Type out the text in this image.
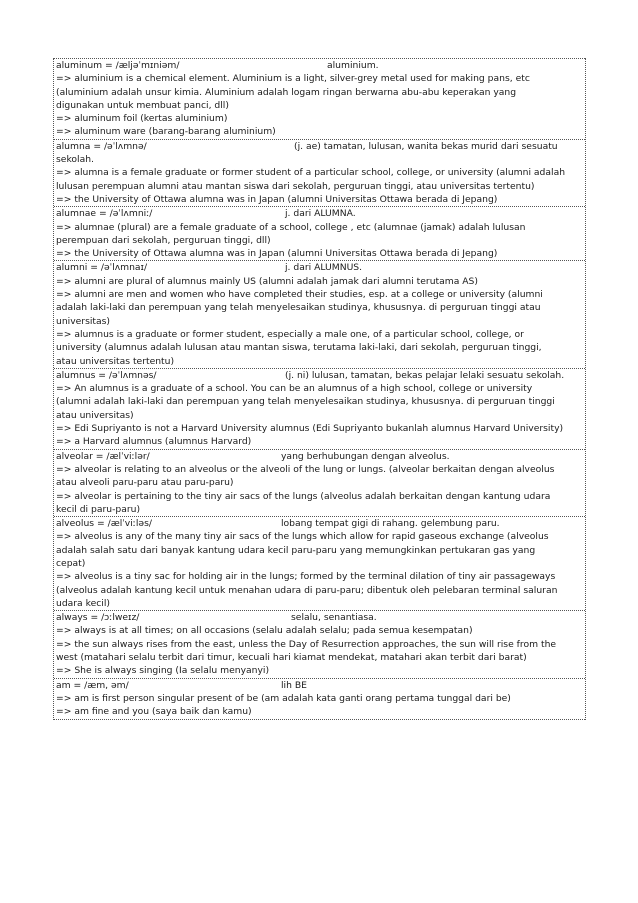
aluminum = /æljəˈmɪniəm/	aluminium.
=> aluminium is a chemical element. Aluminium is a light, silver-grey metal used for making pans, etc
(aluminium adalah unsur kimia. Aluminium adalah logam ringan berwarna abu-abu keperakan yang
digunakan untuk membuat panci, dll)
=> aluminum foil (kertas aluminium)
=> aluminum ware (barang-barang aluminium)
alumna = /əˈlʌmnə/	(j. ae) tamatan, lulusan, wanita bekas murid dari sesuatu
sekolah.
=> alumna is a female graduate or former student of a particular school, college, or university (alumni adalah
lulusan perempuan alumni atau mantan siswa dari sekolah, perguruan tinggi, atau universitas tertentu)
=> the University of Ottawa alumna was in Japan (alumni Universitas Ottawa berada di Jepang)
alumnae = /əˈlʌmniː/	j. dari ALUMNA.
=> alumnae (plural) are a female graduate of a school, college , etc (alumnae (jamak) adalah lulusan
perempuan dari sekolah, perguruan tinggi, dll)
=> the University of Ottawa alumna was in Japan (alumni Universitas Ottawa berada di Jepang)
alumni = /əˈlʌmnaɪ/	j. dari ALUMNUS.
=> alumni are plural of alumnus mainly US (alumni adalah jamak dari alumni terutama AS)
=> alumni are men and women who have completed their studies, esp. at a college or university (alumni
adalah laki-laki dan perempuan yang telah menyelesaikan studinya, khususnya. di perguruan tinggi atau
universitas)
=> alumnus is a graduate or former student, especially a male one, of a particular school, college, or
university (alumnus adalah lulusan atau mantan siswa, terutama laki-laki, dari sekolah, perguruan tinggi,
atau universitas tertentu)
alumnus = /əˈlʌmnəs/	(j. ni) lulusan, tamatan, bekas pelajar lelaki sesuatu sekolah.
=> An alumnus is a graduate of a school. You can be an alumnus of a high school, college or university
(alumni adalah laki-laki dan perempuan yang telah menyelesaikan studinya, khususnya. di perguruan tinggi
atau universitas)
=> Edi Supriyanto is not a Harvard University alumnus (Edi Supriyanto bukanlah alumnus Harvard University)
=> a Harvard alumnus (alumnus Harvard)
alveolar = /ælˈviːlər/	yang berhubungan dengan alveolus.
=> alveolar is relating to an alveolus or the alveoli of the lung or lungs. (alveolar berkaitan dengan alveolus
atau alveoli paru-paru atau paru-paru)
=> alveolar is pertaining to the tiny air sacs of the lungs (alveolus adalah berkaitan dengan kantung udara
kecil di paru-paru)
alveolus = /ælˈviːləs/	lobang tempat gigi di rahang. gelembung paru.
=> alveolus is any of the many tiny air sacs of the lungs which allow for rapid gaseous exchange (alveolus
adalah salah satu dari banyak kantung udara kecil paru-paru yang memungkinkan pertukaran gas yang
cepat)
=> alveolus is a tiny sac for holding air in the lungs; formed by the terminal dilation of tiny air passageways
(alveolus adalah kantung kecil untuk menahan udara di paru-paru; dibentuk oleh pelebaran terminal saluran
udara kecil)
always = /ɔːlweɪz/	selalu, senantiasa.
=> always is at all times; on all occasions (selalu adalah selalu; pada semua kesempatan)
=> the sun always rises from the east, unless the Day of Resurrection approaches, the sun will rise from the
west (matahari selalu terbit dari timur, kecuali hari kiamat mendekat, matahari akan terbit dari barat)
=> She is always singing (Ia selalu menyanyi)
am = /æm, əm/	lih BE
=> am is first person singular present of be (am adalah kata ganti orang pertama tunggal dari be)
=> am fine and you (saya baik dan kamu)
